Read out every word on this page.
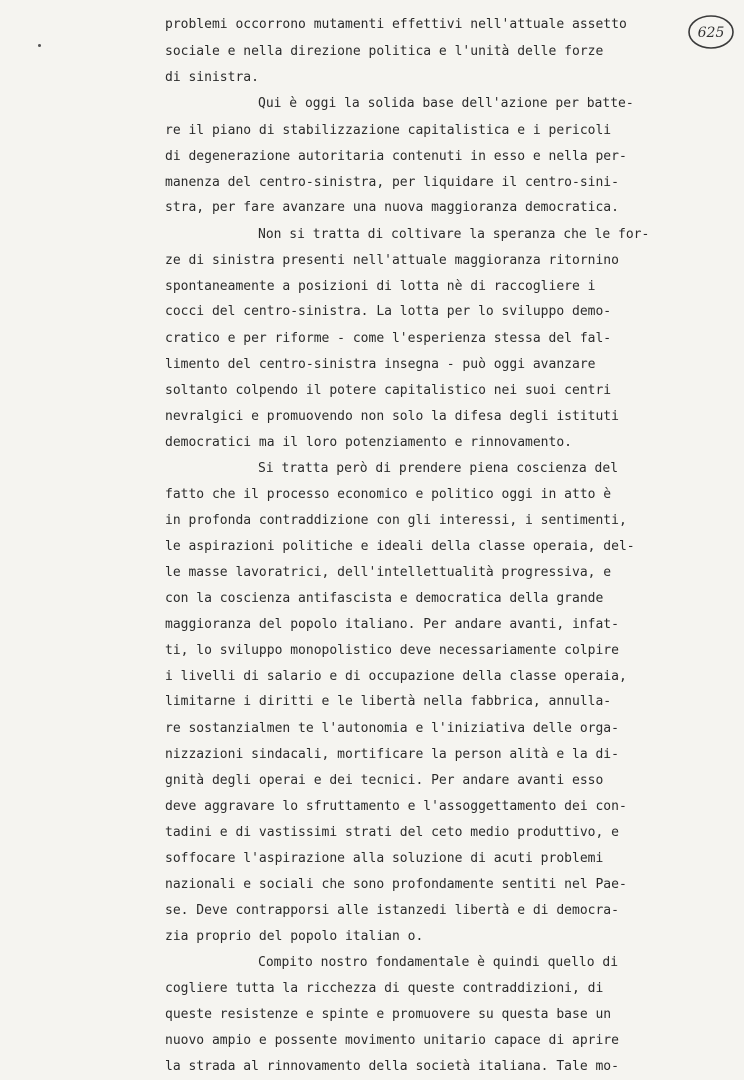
625
problemi occorrono mutamenti effettivi nell'attuale assetto
sociale e nella direzione politica e l'unità delle forze
di sinistra.
Qui è oggi la solida base dell'azione per batte-
re il piano di stabilizzazione capitalistica e i pericoli
di degenerazione autoritaria contenuti in esso e nella per-
manenza del centro-sinistra, per liquidare il centro-sini-
stra, per fare avanzare una nuova maggioranza democratica.
Non si tratta di coltivare la speranza che le for-
ze di sinistra presenti nell'attuale maggioranza ritornino
spontaneamente a posizioni di lotta nè di raccogliere i
cocci del centro-sinistra. La lotta per lo sviluppo demo-
cratico e per riforme - come l'esperienza stessa del fal-
limento del centro-sinistra insegna - può oggi avanzare
soltanto colpendo il potere capitalistico nei suoi centri
nevralgici e promuovendo non solo la difesa degli istituti
democratici ma il loro potenziamento e rinnovamento.
Si tratta però di prendere piena coscienza del
fatto che il processo economico e politico oggi in atto è
in profonda contraddizione con gli interessi, i sentimenti,
le aspirazioni politiche e ideali della classe operaia, del-
le masse lavoratrici, dell'intellettualità progressiva, e
con la coscienza antifascista e democratica della grande
maggioranza del popolo italiano. Per andare avanti, infat-
ti, lo sviluppo monopolistico deve necessariamente colpire
i livelli di salario e di occupazione della classe operaia,
limitarne i diritti e le libertà nella fabbrica, annulla-
re sostanzialmen te l'autonomia e l'iniziativa delle orga-
nizzazioni sindacali, mortificare la person alità e la di-
gnità degli operai e dei tecnici. Per andare avanti esso
deve aggravare lo sfruttamento e l'assoggettamento dei con-
tadini e di vastissimi strati del ceto medio produttivo, e
soffocare l'aspirazione alla soluzione di acuti problemi
nazionali e sociali che sono profondamente sentiti nel Pae-
se. Deve contrapporsi alle istanzedi libertà e di democra-
zia proprio del popolo italian o.
Compito nostro fondamentale è quindi quello di
cogliere tutta la ricchezza di queste contraddizioni, di
queste resistenze e spinte e promuovere su questa base un
nuovo ampio e possente movimento unitario capace di aprire
la strada al rinnovamento della società italiana. Tale mo-
